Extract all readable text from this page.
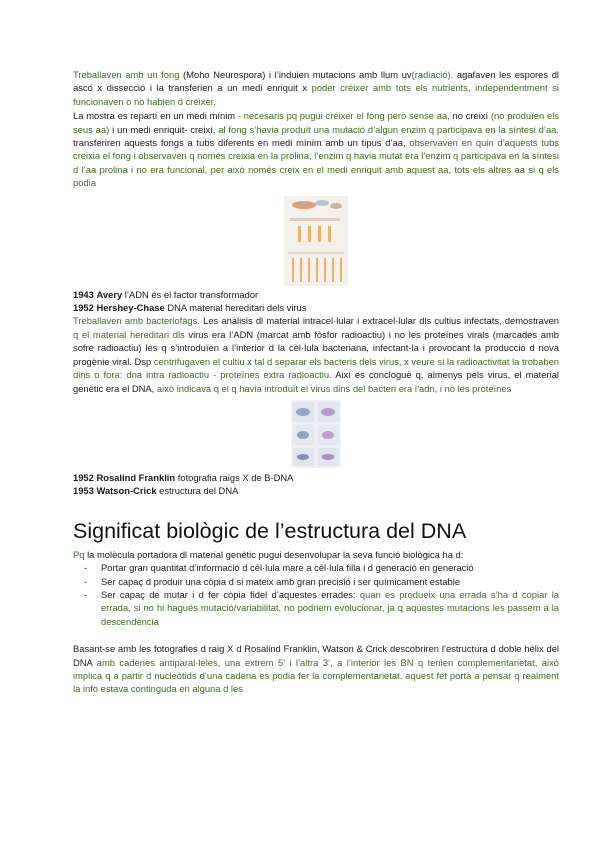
Treballaven amb un fong (Moho Neurospora) i l’induien mutacions amb llum uv(radiació). agafaven les espores dl ascó x dissecció i la transferien a un medi enriquit x poder créixer amb tots els nutrients, independentment si funcionaven o no habien d créixer.

La mostra es repartí en un medi mínim - necesaris pq pugui créixer el fong però sense aa, no creixí (no produïen els seus aa) i un medi enriquit- creixí, al fong s’havia produït una mutació d’algun enzim q participava en la síntesi d’aa. transferiren aquests fongs a tubs diferents en medi mínim amb un tipus d’aa, observaven en quin d’aquests tubs creixia el fong i observaven q només creixia en la prolina, l’enzim q havia mutat era l’enzim q participava en la síntesi d l’aa prolina i no era funcional, per això només creix en el medi enriquit amb aquest aa, tots els altres aa si q els podia

1943 Avery l’ADN és el factor transformador

1952 Hershey-Chase DNA material hereditari dels virus

Treballaven amb bacteriofàgs. Les anàlisis dl material intracel·lular i extracel·lular dls cultius infectats, demostraven q el material hereditari dls virus era l’ADN (marcat amb fòsfor radioactiu) i no les proteïnes virals (marcades amb sofre radioactiu) les q s’introduïen a l’interior d la cèl·lula bacteriana, infectant-la i provocant la producció d nova progènie viral. Dsp centrifugaven el cultiu x tal d separar els bacteris dels virus, x veure si la radioactivitat la trobaben dins o fora: dna intra radioactiu - proteïnes extra radioactiu. Així es concloguè q, almenys pels virus, el material genètic era el DNA, això indicava q el q havia introduït el virus dins del bacteri era l’adn, i no les proteïnes

1952 Rosalind Franklin fotografia raigs X de B-DNA

1953 Watson-Crick estructura del DNA

Significat biològic de l’estructura del DNA

Pq la molècula portadora dl material genètic pugui desenvolupar la seva funció biològica ha d:

- Portar gran quantitat d’informació d cèl·lula mare a cèl·lula filla i d generació en generació
- Ser capaç d produir una còpia d si mateix amb gran precisió i ser químicament estable
- Ser capaç de mutar i d fer còpia fidel d’aquestes errades: quan es produeix una errada s’ha d copiar la errada, si no hi hagués mutació/variabilitat, no podriem evolucionar, ja q aquestes mutacions les passem a la descendència

Basant-se amb les fotografies d raig X d Rosalind Franklin, Watson & Crick descobriren l’estructura d doble hèlix del DNA amb cadenes antiparal·leles, una extrem 5’ i l’altra 3’, a l’interior les BN q tenien complementarietat, això implica q a partir d nucleòtids d’una cadena es podia fer la complementarietat. aquest fet portà a pensar q realment la info estava continguda en alguna d les
